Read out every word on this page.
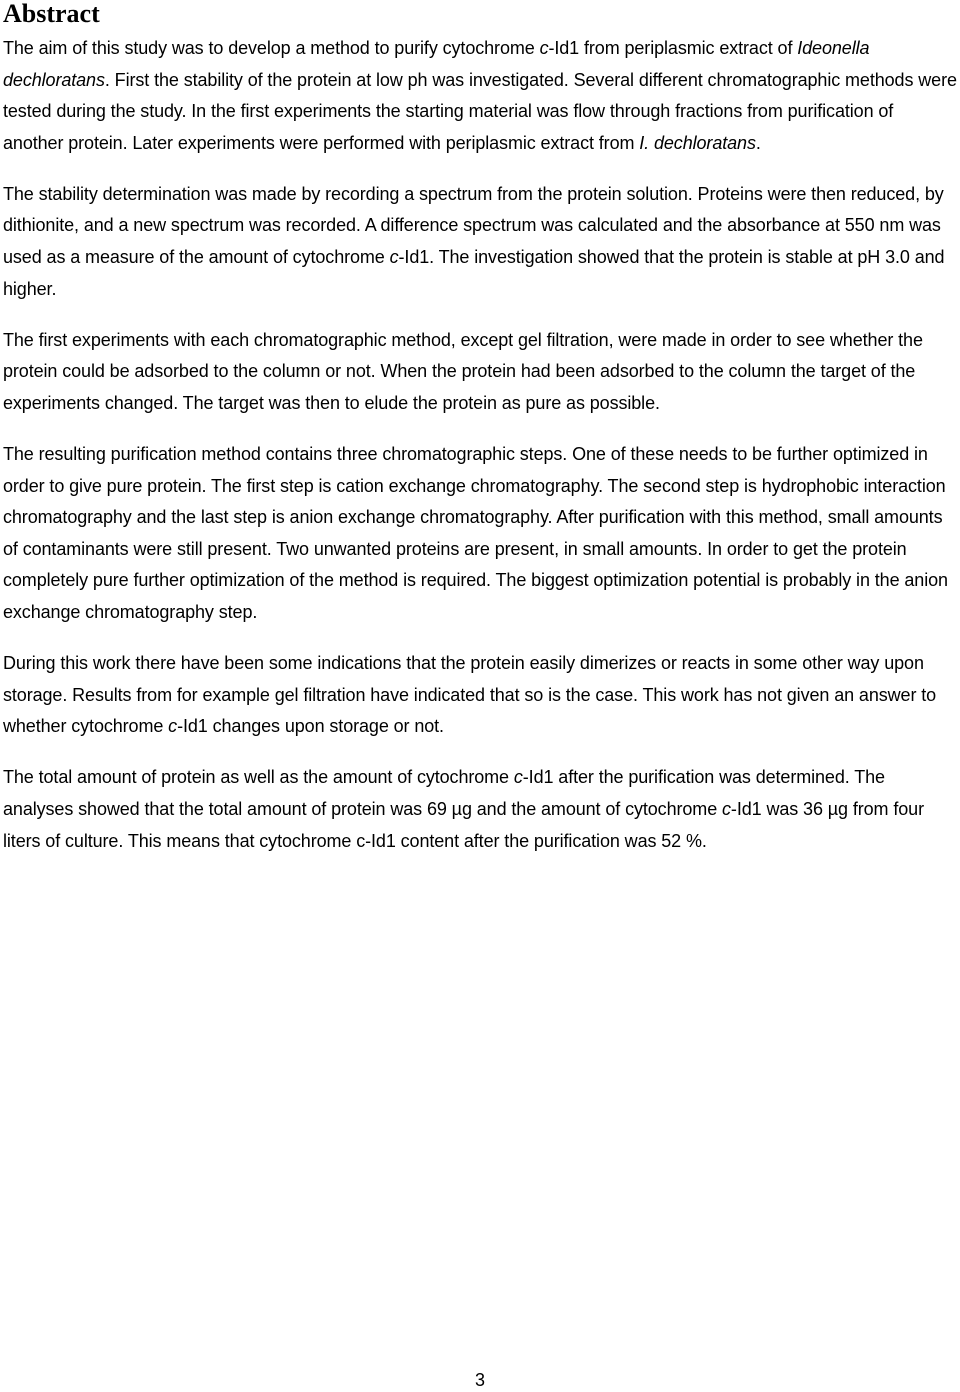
Abstract

The aim of this study was to develop a method to purify cytochrome c-Id1 from periplasmic extract of Ideonella dechloratans. First the stability of the protein at low ph was investigated. Several different chromatographic methods were tested during the study. In the first experiments the starting material was flow through fractions from purification of another protein. Later experiments were performed with periplasmic extract from I. dechloratans.

The stability determination was made by recording a spectrum from the protein solution. Proteins were then reduced, by dithionite, and a new spectrum was recorded. A difference spectrum was calculated and the absorbance at 550 nm was used as a measure of the amount of cytochrome c-Id1. The investigation showed that the protein is stable at pH 3.0 and higher.

The first experiments with each chromatographic method, except gel filtration, were made in order to see whether the protein could be adsorbed to the column or not. When the protein had been adsorbed to the column the target of the experiments changed. The target was then to elude the protein as pure as possible.

The resulting purification method contains three chromatographic steps. One of these needs to be further optimized in order to give pure protein. The first step is cation exchange chromatography. The second step is hydrophobic interaction chromatography and the last step is anion exchange chromatography. After purification with this method, small amounts of contaminants were still present. Two unwanted proteins are present, in small amounts. In order to get the protein completely pure further optimization of the method is required. The biggest optimization potential is probably in the anion exchange chromatography step.

During this work there have been some indications that the protein easily dimerizes or reacts in some other way upon storage. Results from for example gel filtration have indicated that so is the case. This work has not given an answer to whether cytochrome c-Id1 changes upon storage or not.

The total amount of protein as well as the amount of cytochrome c-Id1 after the purification was determined. The analyses showed that the total amount of protein was 69 µg and the amount of cytochrome c-Id1 was 36 µg from four liters of culture. This means that cytochrome c-Id1 content after the purification was 52 %.

3
